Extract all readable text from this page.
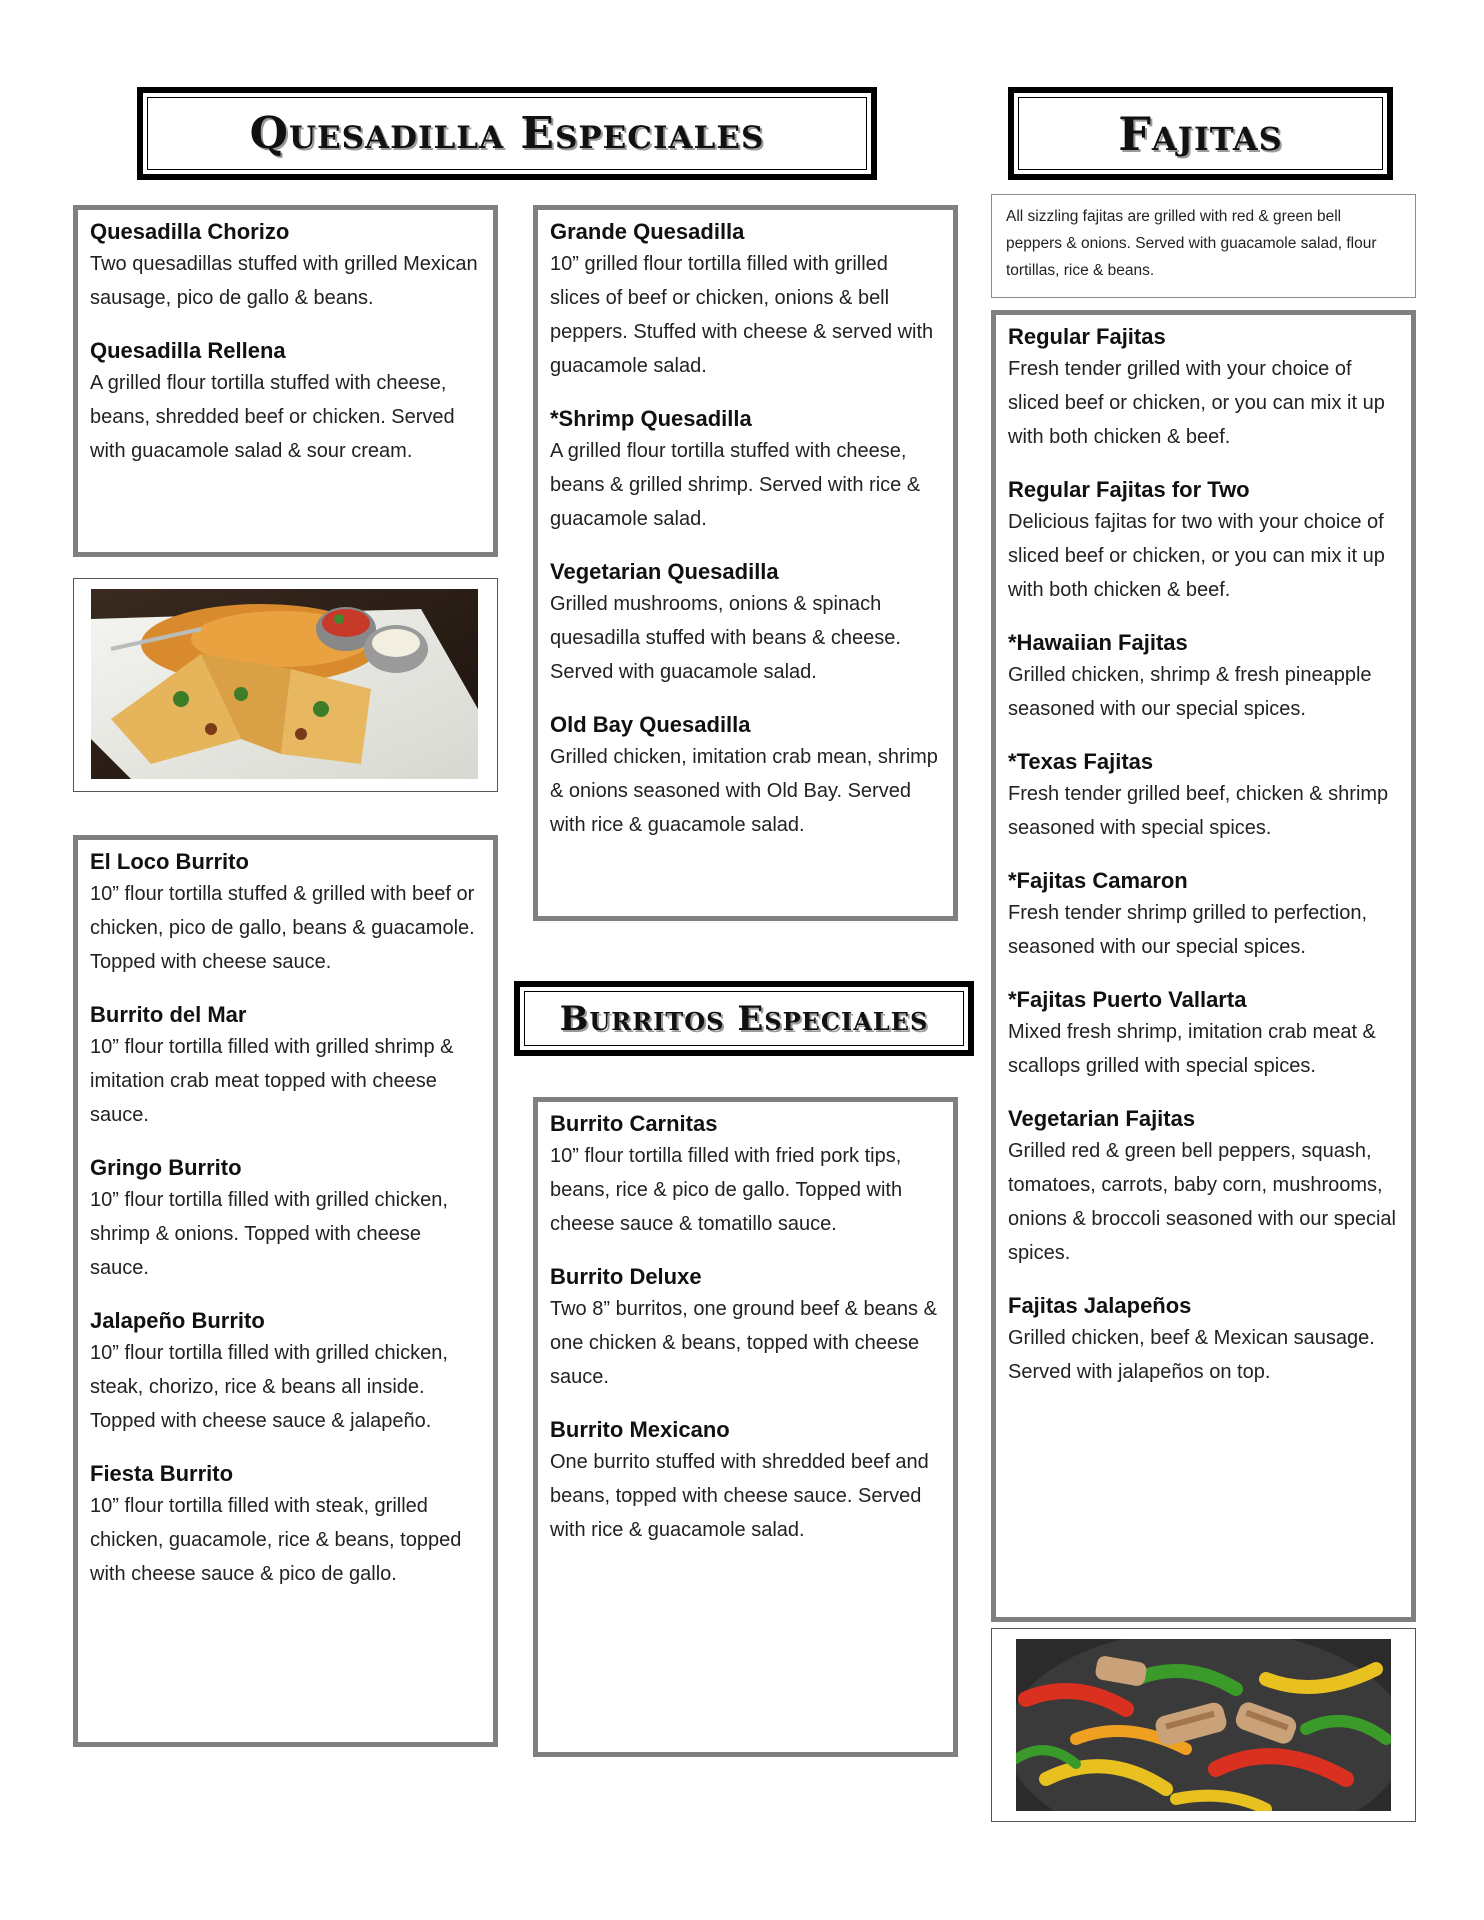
Quesadilla Especiales	Fajitas
Burritos Especiales
Quesadilla Chorizo
Two quesadillas stuffed with grilled Mexican sausage, pico de gallo & beans.
Quesadilla Rellena
A grilled flour tortilla stuffed with cheese, beans, shredded beef or chicken. Served with guacamole salad & sour cream.
El Loco Burrito
10” flour tortilla stuffed & grilled with beef or chicken, pico de gallo, beans & guacamole. Topped with cheese sauce.
Burrito del Mar
10” flour tortilla filled with grilled shrimp & imitation crab meat topped with cheese sauce.
Gringo Burrito
10” flour tortilla filled with grilled chicken, shrimp & onions. Topped with cheese sauce.
Jalapeño Burrito
10” flour tortilla filled with grilled chicken, steak, chorizo, rice & beans all inside. Topped with cheese sauce & jalapeño.
Fiesta Burrito
10” flour tortilla filled with steak, grilled chicken, guacamole, rice & beans, topped with cheese sauce & pico de gallo.
Grande Quesadilla
10” grilled flour tortilla filled with grilled slices of beef or chicken, onions & bell peppers. Stuffed with cheese & served with guacamole salad.
*Shrimp Quesadilla
A grilled flour tortilla stuffed with cheese, beans & grilled shrimp. Served with rice & guacamole salad.
Vegetarian Quesadilla
Grilled mushrooms, onions & spinach quesadilla stuffed with beans & cheese. Served with guacamole salad.
Old Bay Quesadilla
Grilled chicken, imitation crab mean, shrimp & onions seasoned with Old Bay. Served with rice & guacamole salad.
Burrito Carnitas
10” flour tortilla filled with fried pork tips, beans, rice & pico de gallo. Topped with cheese sauce & tomatillo sauce.
Burrito Deluxe
Two 8” burritos, one ground beef & beans & one chicken & beans, topped with cheese sauce.
Burrito Mexicano
One burrito stuffed with shredded beef and beans, topped with cheese sauce. Served with rice & guacamole salad.
All sizzling fajitas are grilled with red & green bell peppers & onions. Served with guacamole salad, flour tortillas, rice & beans.
Regular Fajitas
Fresh tender grilled with your choice of sliced beef or chicken, or you can mix it up with both chicken & beef.
Regular Fajitas for Two
Delicious fajitas for two with your choice of sliced beef or chicken, or you can mix it up with both chicken & beef.
*Hawaiian Fajitas
Grilled chicken, shrimp & fresh pineapple seasoned with our special spices.
*Texas Fajitas
Fresh tender grilled beef, chicken & shrimp seasoned with special spices.
*Fajitas Camaron
Fresh tender shrimp grilled to perfection, seasoned with our special spices.
*Fajitas Puerto Vallarta
Mixed fresh shrimp, imitation crab meat & scallops grilled with special spices.
Vegetarian Fajitas
Grilled red & green bell peppers, squash, tomatoes, carrots, baby corn, mushrooms, onions & broccoli seasoned with our special spices.
Fajitas Jalapeños
Grilled chicken, beef & Mexican sausage. Served with jalapeños on top.
